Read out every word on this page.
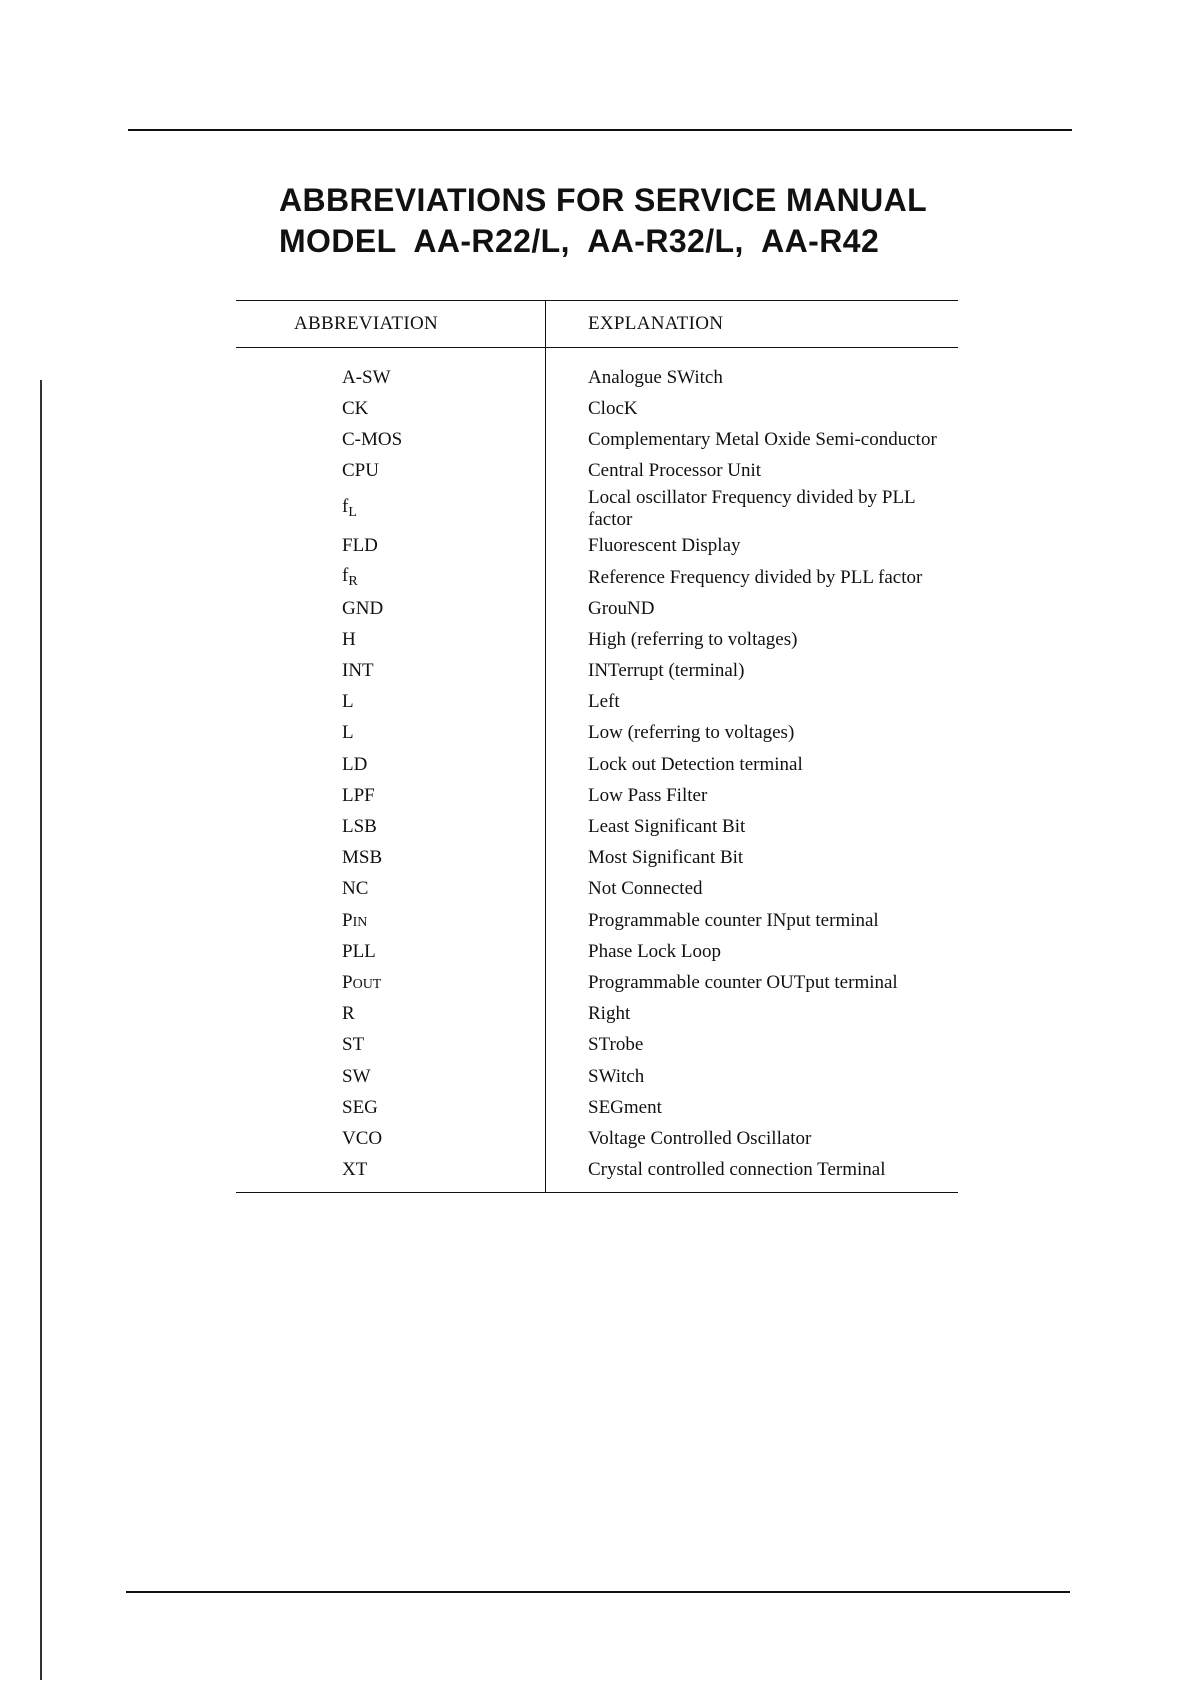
ABBREVIATIONS FOR SERVICE MANUAL
MODEL  AA-R22/L,  AA-R32/L,  AA-R42
ABBREVIATION	EXPLANATION
A-SW	Analogue SWitch
CK	ClocK
C-MOS	Complementary Metal Oxide Semi-conductor
CPU	Central Processor Unit
$f_L$	Local oscillator Frequency divided by PLL factor
FLD	Fluorescent Display
$f_R$	Reference Frequency divided by PLL factor
GND	GrouND
H	High (referring to voltages)
INT	INTerrupt (terminal)
L	Left
L	Low (referring to voltages)
LD	Lock out Detection terminal
LPF	Low Pass Filter
LSB	Least Significant Bit
MSB	Most Significant Bit
NC	Not Connected
PIN	Programmable counter INput terminal
PLL	Phase Lock Loop
POUT	Programmable counter OUTput terminal
R	Right
ST	STrobe
SW	SWitch
SEG	SEGment
VCO	Voltage Controlled Oscillator
XT	Crystal controlled connection Terminal
